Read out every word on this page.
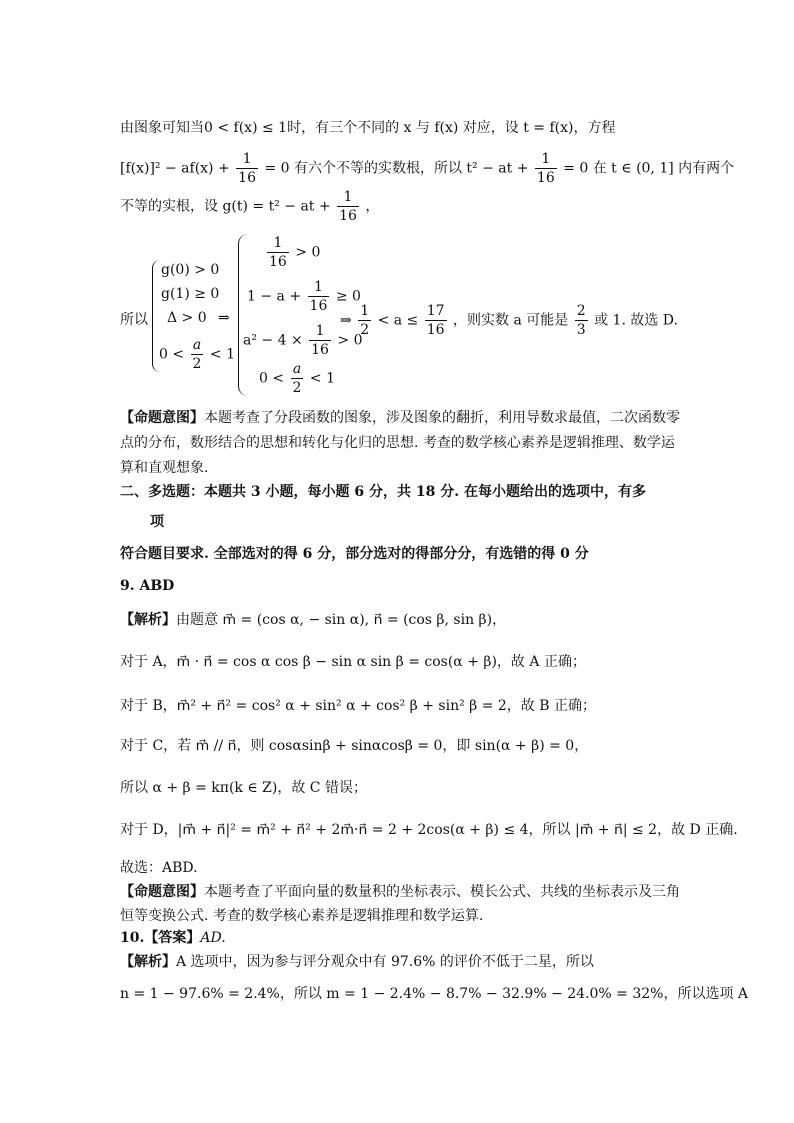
由图象可知当0 < f(x) ≤ 1时，有三个不同的 x 与 f(x) 对应，设 t = f(x)，方程
$[f(x)]^2 - af(x) + \frac{1}{16} = 0$ 有六个不等的实数根，所以 t² − at + $\frac{1}{16} = 0$ 在 t ∈ (0, 1] 内有两个
不等的实根，设 g(t) = t² − at + $\frac{1}{16}$ ，
所以
g(0) > 0
g(1) ≥ 0
Δ > 0
$0 < \frac{a}{2} < 1$
⇒
$\frac{1}{16} > 0$
$1 - a + \frac{1}{16} \ge 0$
$a^2 - 4 \times \frac{1}{16} > 0$
$0 < \frac{a}{2} < 1$
⇒ $\frac{1}{2} < a \le \frac{17}{16}$ ，则实数 a 可能是 $\frac{2}{3}$ 或 1. 故选 D.
【命题意图】本题考查了分段函数的图象，涉及图象的翻折，利用导数求最值，二次函数零
点的分布，数形结合的思想和转化与化归的思想. 考查的数学核心素养是逻辑推理、数学运
算和直观想象.
二、多选题：本题共 3 小题，每小题 6 分，共 18 分. 在每小题给出的选项中，有多
项
符合题目要求. 全部选对的得 6 分，部分选对的得部分分，有选错的得 0 分
9. ABD
【解析】由题意 m⃗ = (cos α, − sin α), n⃗ = (cos β, sin β)，
对于 A，m⃗ · n⃗ = cos α cos β − sin α sin β = cos(α + β)，故 A 正确；
对于 B，m⃗² + n⃗² = cos² α + sin² α + cos² β + sin² β = 2，故 B 正确；
对于 C，若 m⃗ // n⃗，则 cosαsinβ + sinαcosβ = 0，即 sin(α + β) = 0，
所以 α + β = kπ(k ∈ Z)，故 C 错误；
对于 D，|m⃗ + n⃗|² = m⃗² + n⃗² + 2m⃗·n⃗ = 2 + 2cos(α + β) ≤ 4，所以 |m⃗ + n⃗| ≤ 2，故 D 正确.
故选：ABD.
【命题意图】本题考查了平面向量的数量积的坐标表示、模长公式、共线的坐标表示及三角
恒等变换公式. 考查的数学核心素养是逻辑推理和数学运算.
10.【答案】AD.
【解析】A 选项中，因为参与评分观众中有 97.6% 的评价不低于二星，所以
n = 1 − 97.6% = 2.4%，所以 m = 1 − 2.4% − 8.7% − 32.9% − 24.0% = 32%，所以选项 A
